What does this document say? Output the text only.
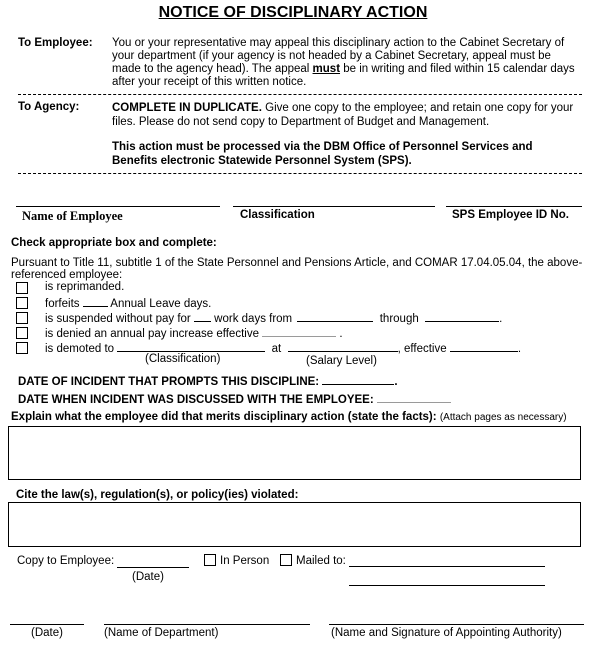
NOTICE OF DISCIPLINARY ACTION
To Employee: You or your representative may appeal this disciplinary action to the Cabinet Secretary of your department (if your agency is not headed by a Cabinet Secretary, appeal must be made to the agency head). The appeal must be in writing and filed within 15 calendar days after your receipt of this written notice.
To Agency:	COMPLETE IN DUPLICATE. Give one copy to the employee; and retain one copy for your files. Please do not send copy to Department of Budget and Management.
This action must be processed via the DBM Office of Personnel Services and Benefits electronic Statewide Personnel System (SPS).
Name of Employee	Classification	SPS Employee ID No.
Check appropriate box and complete:
Pursuant to Title 11, subtitle 1 of the State Personnel and Pensions Article, and COMAR 17.04.05.04, the above-referenced employee:
is reprimanded.
forfeits	Annual Leave days.
is suspended without pay for work days from	through	.
is denied an annual pay increase effective	.
is demoted to	at	, effective	.
(Classification)	(Salary Level)
DATE OF INCIDENT THAT PROMPTS THIS DISCIPLINE:	.
DATE WHEN INCIDENT WAS DISCUSSED WITH THE EMPLOYEE:
Explain what the employee did that merits disciplinary action (state the facts): (Attach pages as necessary)
Cite the law(s), regulation(s), or policy(ies) violated:
Copy to Employee:
(Date)
In Person Mailed to:
(Date)	(Name of Department)	(Name and Signature of Appointing Authority)
